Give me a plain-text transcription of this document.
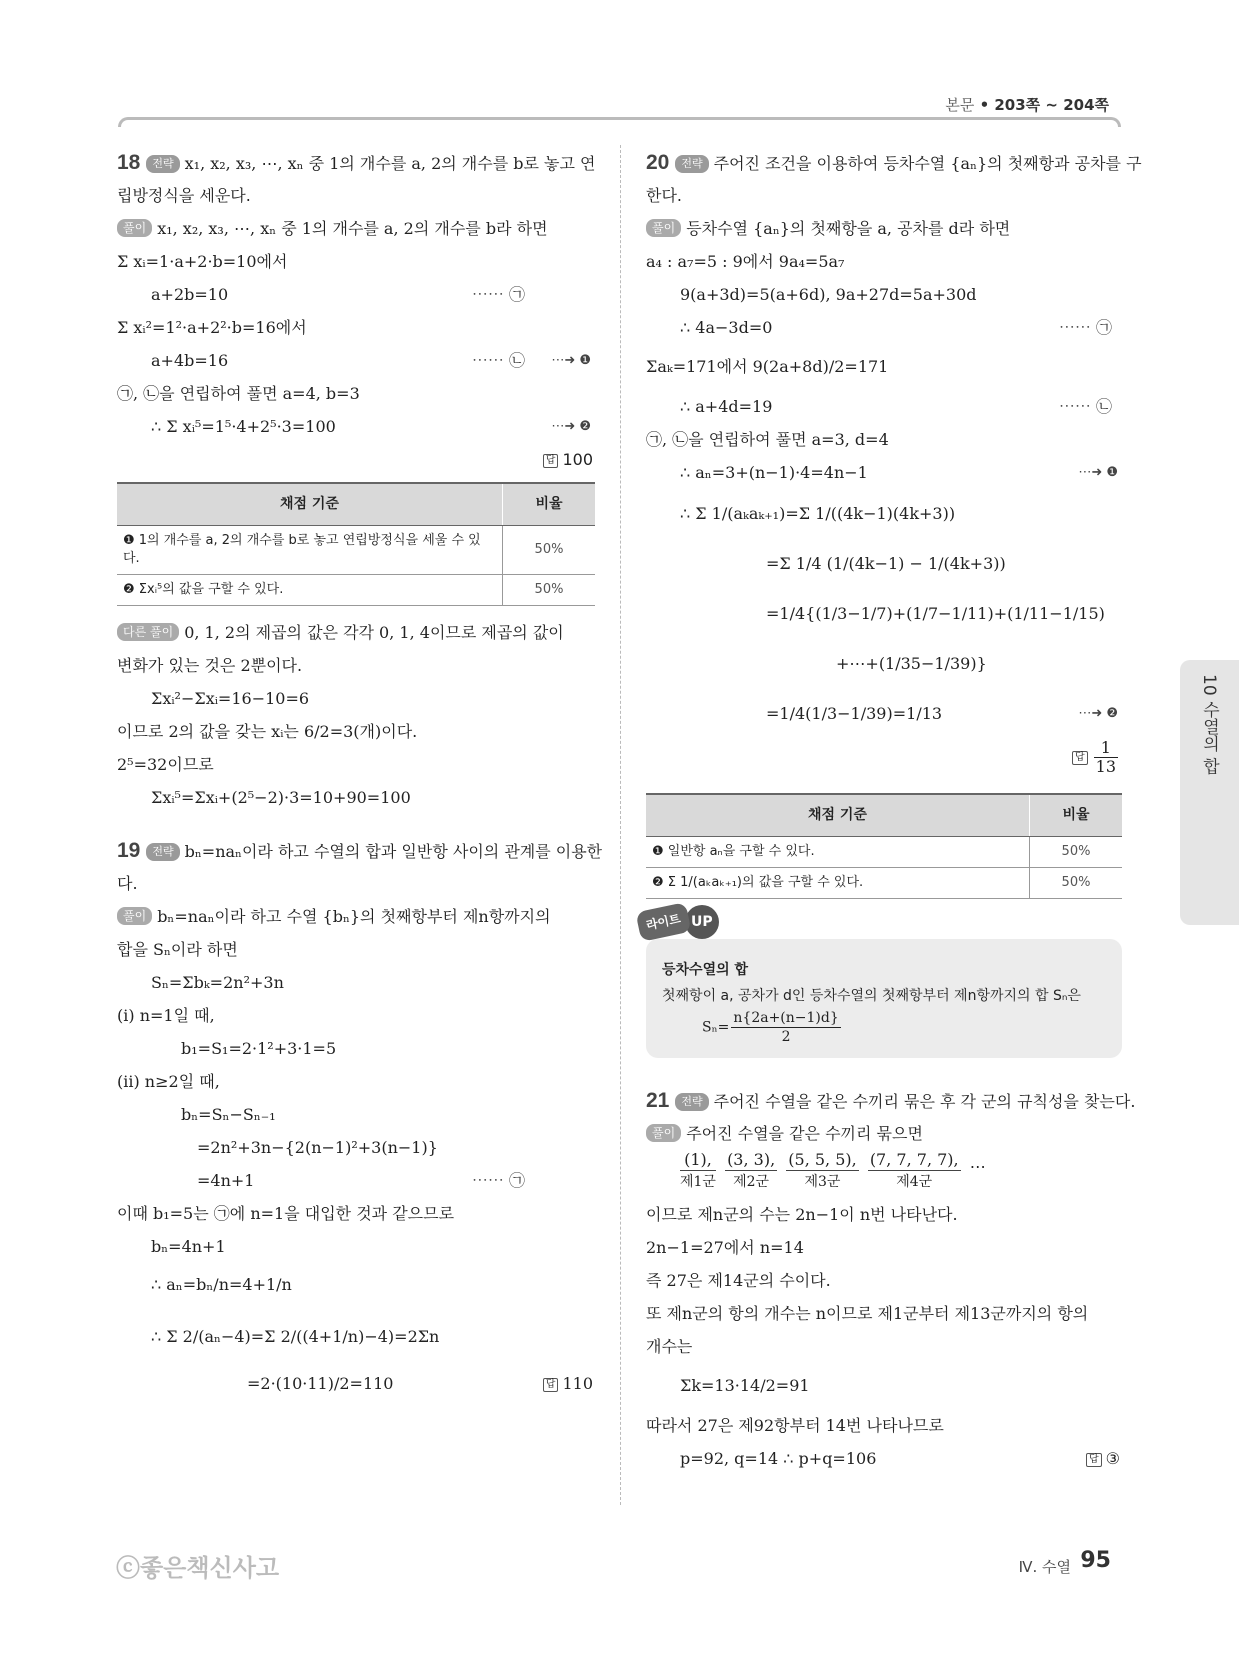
본문 • 203쪽 ~ 204쪽
10 수열의 합
18 전략 x₁, x₂, x₃, ⋯, xₙ 중 1의 개수를 a, 2의 개수를 b로 놓고 연
립방정식을 세운다.
풀이 x₁, x₂, x₃, ⋯, xₙ 중 1의 개수를 a, 2의 개수를 b라 하면
Σ xᵢ=1·a+2·b=10에서
a+2b=10	⋯⋯ ㉠
Σ xᵢ²=1²·a+2²·b=16에서
a+4b=16	⋯⋯ ㉡ ⋯➜ ❶
㉠, ㉡을 연립하여 풀면 a=4, b=3
∴ Σ xᵢ⁵=1⁵·4+2⁵·3=100	⋯➜ ❷
답 100
채점 기준	비율
❶ 1의 개수를 a, 2의 개수를 b로 놓고 연립방정식을 세울 수 있다.	50%
❷ Σxᵢ⁵의 값을 구할 수 있다.	50%
다른 풀이 0, 1, 2의 제곱의 값은 각각 0, 1, 4이므로 제곱의 값이
변화가 있는 것은 2뿐이다.
Σxᵢ²−Σxᵢ=16−10=6
이므로 2의 값을 갖는 xᵢ는 6/2=3(개)이다.
2⁵=32이므로
Σxᵢ⁵=Σxᵢ+(2⁵−2)·3=10+90=100
19 전략 bₙ=naₙ이라 하고 수열의 합과 일반항 사이의 관계를 이용한
다.
풀이 bₙ=naₙ이라 하고 수열 {bₙ}의 첫째항부터 제n항까지의
합을 Sₙ이라 하면
Sₙ=Σbₖ=2n²+3n
(ⅰ) n=1일 때,
b₁=S₁=2·1²+3·1=5
(ⅱ) n≥2일 때,
bₙ=Sₙ−Sₙ₋₁
=2n²+3n−{2(n−1)²+3(n−1)}
=4n+1	⋯⋯ ㉠
이때 b₁=5는 ㉠에 n=1을 대입한 것과 같으므로
bₙ=4n+1
∴ aₙ=bₙ/n=4+1/n
∴ Σ 2/(aₙ−4)=Σ 2/((4+1/n)−4)=2Σn
=2·(10·11)/2=110	답 110
20 전략 주어진 조건을 이용하여 등차수열 {aₙ}의 첫째항과 공차를 구
한다.
풀이 등차수열 {aₙ}의 첫째항을 a, 공차를 d라 하면
a₄ : a₇=5 : 9에서 9a₄=5a₇
9(a+3d)=5(a+6d), 9a+27d=5a+30d
∴ 4a−3d=0	⋯⋯ ㉠
Σaₖ=171에서 9(2a+8d)/2=171
∴ a+4d=19	⋯⋯ ㉡
㉠, ㉡을 연립하여 풀면 a=3, d=4
∴ aₙ=3+(n−1)·4=4n−1	⋯➜ ❶
∴ Σ 1/(aₖaₖ₊₁)=Σ 1/((4k−1)(4k+3))
=Σ 1/4 (1/(4k−1) − 1/(4k+3))
=1/4{(1/3−1/7)+(1/7−1/11)+(1/11−1/15)
+⋯+(1/35−1/39)}
=1/4(1/3−1/39)=1/13	⋯➜ ❷
답 $\frac{1}{13}$
채점 기준	비율
❶ 일반항 aₙ을 구할 수 있다.	50%
❷ Σ 1/(aₖaₖ₊₁)의 값을 구할 수 있다.	50%
라이트 UP
등차수열의 합
첫째항이 a, 공차가 d인 등차수열의 첫째항부터 제n항까지의 합 Sₙ은
$S_n= \frac{n\{2a+(n-1)d\}}{2}$
21 전략 주어진 수열을 같은 수끼리 묶은 후 각 군의 규칙성을 찾는다.
풀이 주어진 수열을 같은 수끼리 묶으면
(1),
제1군
(3, 3),
제2군
(5, 5, 5),
제3군
(7, 7, 7, 7),
제4군 ⋯
이므로 제n군의 수는 2n−1이 n번 나타난다.
2n−1=27에서 n=14
즉 27은 제14군의 수이다.
또 제n군의 항의 개수는 n이므로 제1군부터 제13군까지의 항의
개수는
Σk=13·14/2=91
따라서 27은 제92항부터 14번 나타나므로
p=92, q=14 ∴ p+q=106	답 ③
ⓒ좋은책신사고	Ⅳ. 수열 95
